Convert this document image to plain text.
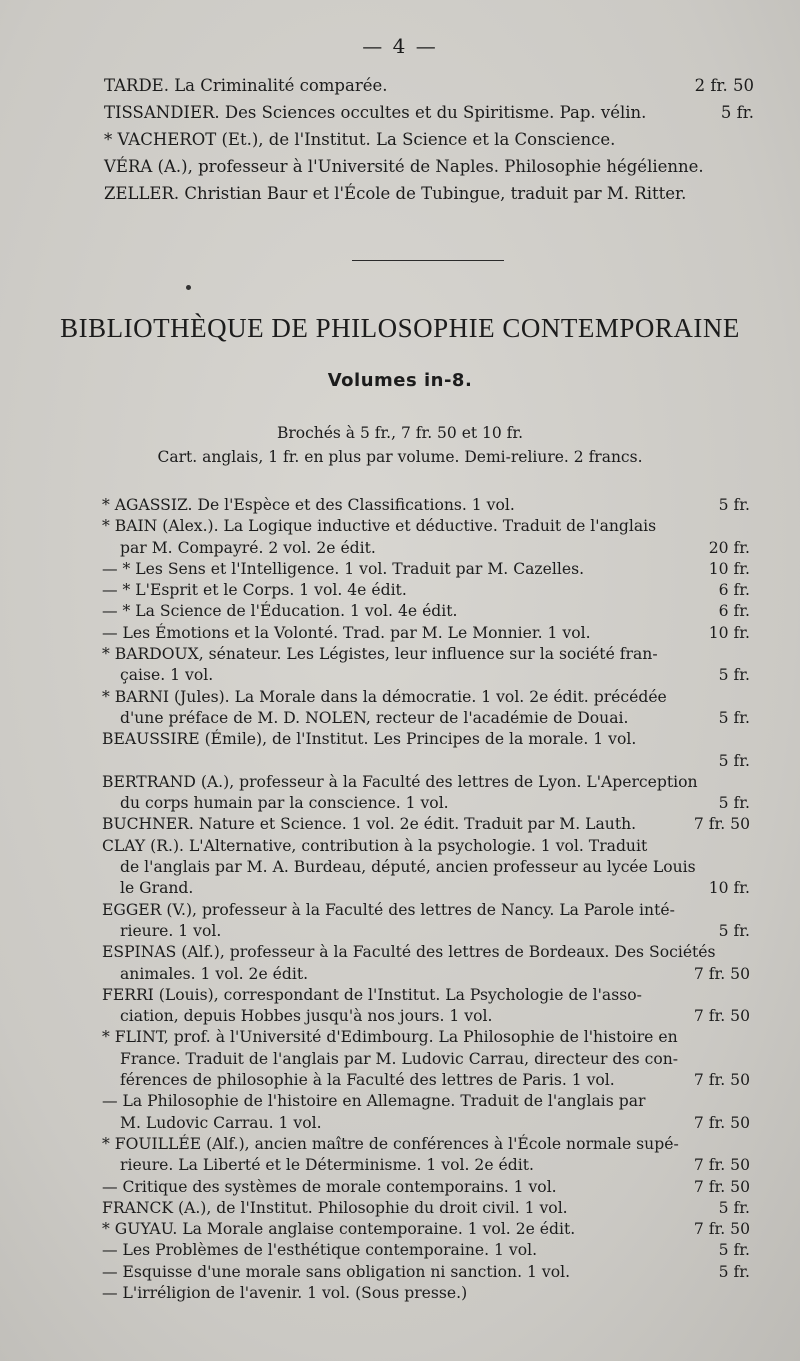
— 4 —
TARDE. La Criminalité comparée.	2 fr. 50
TISSANDIER. Des Sciences occultes et du Spiritisme. Pap. vélin.	5 fr.
* VACHEROT (Et.), de l'Institut. La Science et la Conscience.
VÉRA (A.), professeur à l'Université de Naples. Philosophie hégélienne.
ZELLER. Christian Baur et l'École de Tubingue, traduit par M. Ritter.
BIBLIOTHÈQUE DE PHILOSOPHIE CONTEMPORAINE
Volumes in-8.
Brochés à 5 fr., 7 fr. 50 et 10 fr.
Cart. anglais, 1 fr. en plus par volume. Demi-reliure. 2 francs.
* AGASSIZ. De l'Espèce et des Classifications. 1 vol.	5 fr.
* BAIN (Alex.). La Logique inductive et déductive. Traduit de l'anglais
par M. Compayré. 2 vol. 2e édit.	20 fr.
— * Les Sens et l'Intelligence. 1 vol. Traduit par M. Cazelles.	10 fr.
— * L'Esprit et le Corps. 1 vol. 4e édit.	6 fr.
— * La Science de l'Éducation. 1 vol. 4e édit.	6 fr.
— Les Émotions et la Volonté. Trad. par M. Le Monnier. 1 vol.	10 fr.
* BARDOUX, sénateur. Les Légistes, leur influence sur la société fran-
çaise. 1 vol.	5 fr.
* BARNI (Jules). La Morale dans la démocratie. 1 vol. 2e édit. précédée
d'une préface de M. D. NOLEN, recteur de l'académie de Douai.	5 fr.
BEAUSSIRE (Émile), de l'Institut. Les Principes de la morale. 1 vol.
5 fr.
BERTRAND (A.), professeur à la Faculté des lettres de Lyon. L'Aperception
du corps humain par la conscience. 1 vol.	5 fr.
BUCHNER. Nature et Science. 1 vol. 2e édit. Traduit par M. Lauth.	7 fr. 50
CLAY (R.). L'Alternative, contribution à la psychologie. 1 vol. Traduit
de l'anglais par M. A. Burdeau, député, ancien professeur au lycée Louis
le Grand.	10 fr.
EGGER (V.), professeur à la Faculté des lettres de Nancy. La Parole inté-
rieure. 1 vol.	5 fr.
ESPINAS (Alf.), professeur à la Faculté des lettres de Bordeaux. Des Sociétés
animales. 1 vol. 2e édit.	7 fr. 50
FERRI (Louis), correspondant de l'Institut. La Psychologie de l'asso-
ciation, depuis Hobbes jusqu'à nos jours. 1 vol.	7 fr. 50
* FLINT, prof. à l'Université d'Edimbourg. La Philosophie de l'histoire en
France. Traduit de l'anglais par M. Ludovic Carrau, directeur des con-
férences de philosophie à la Faculté des lettres de Paris. 1 vol.	7 fr. 50
— La Philosophie de l'histoire en Allemagne. Traduit de l'anglais par
M. Ludovic Carrau. 1 vol.	7 fr. 50
* FOUILLÉE (Alf.), ancien maître de conférences à l'École normale supé-
rieure. La Liberté et le Déterminisme. 1 vol. 2e édit.	7 fr. 50
— Critique des systèmes de morale contemporains. 1 vol.	7 fr. 50
FRANCK (A.), de l'Institut. Philosophie du droit civil. 1 vol.	5 fr.
* GUYAU. La Morale anglaise contemporaine. 1 vol. 2e édit.	7 fr. 50
— Les Problèmes de l'esthétique contemporaine. 1 vol.	5 fr.
— Esquisse d'une morale sans obligation ni sanction. 1 vol.	5 fr.
— L'irréligion de l'avenir. 1 vol. (Sous presse.)
